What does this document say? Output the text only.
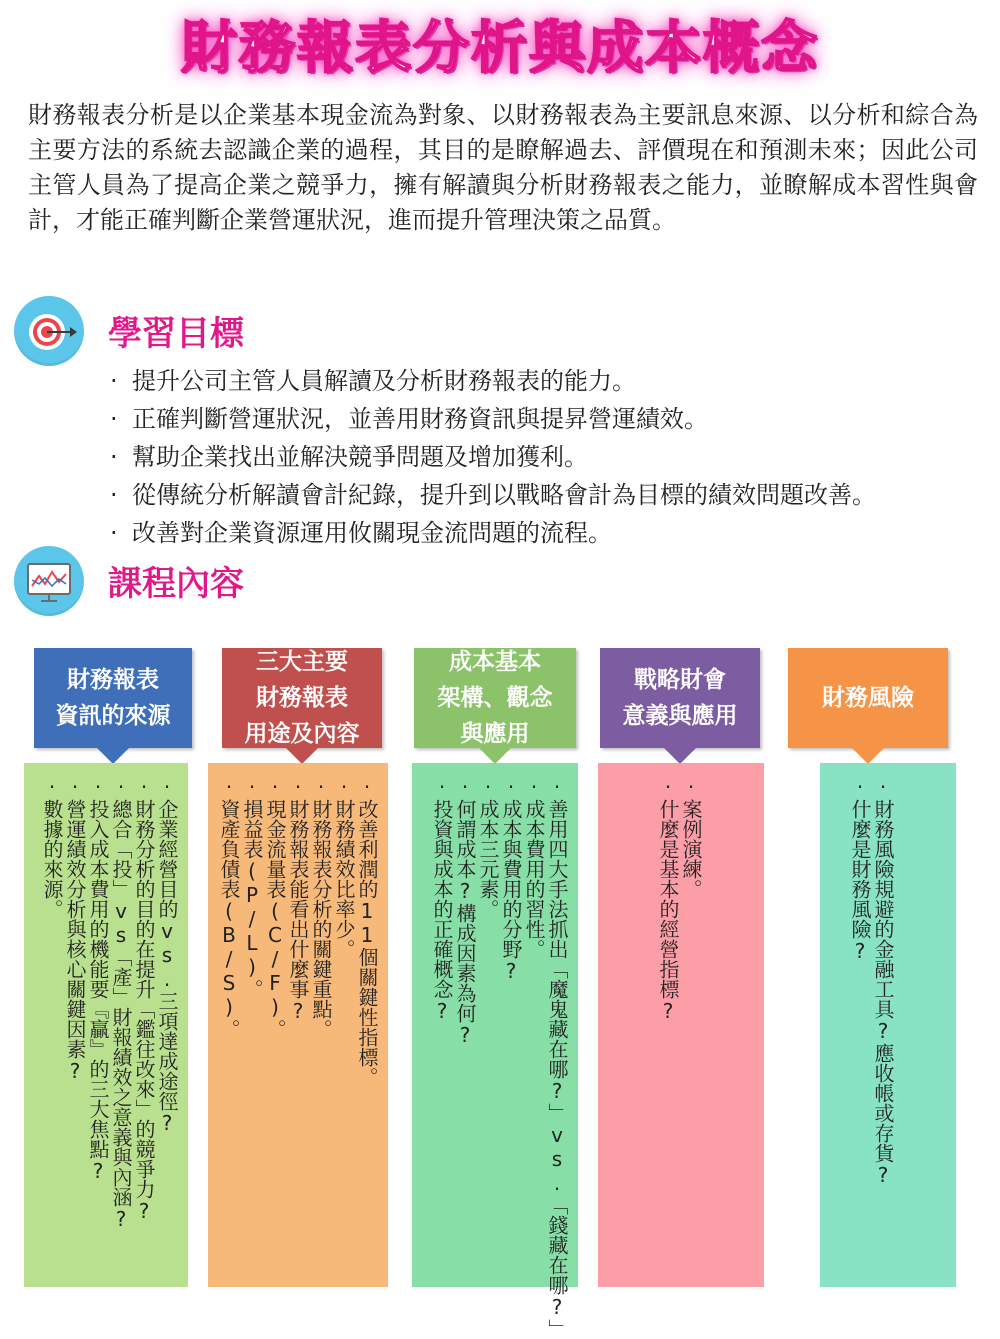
財務報表分析與成本概念
財務報表分析是以企業基本現金流為對象、以財務報表為主要訊息來源、以分析和綜合為主要方法的系統去認識企業的過程，其目的是瞭解過去、評價現在和預測未來；因此公司主管人員為了提高企業之競爭力，擁有解讀與分析財務報表之能力，並瞭解成本習性與會計，才能正確判斷企業營運狀況，進而提升管理決策之品質。
學習目標
· 提升公司主管人員解讀及分析財務報表的能力。
· 正確判斷營運狀況，並善用財務資訊與提昇營運績效。
· 幫助企業找出並解決競爭問題及增加獲利。
· 從傳統分析解讀會計紀錄，提升到以戰略會計為目標的績效問題改善。
· 改善對企業資源運用攸關現金流問題的流程。
課程內容
財務報表
資訊的來源
·企業經營目的vs.三項達成途徑?
·財務分析的目的在提升「鑑往改來」的競爭力?
·總合「投」vs「產」財報績效之意義與內涵?
·投入成本費用的機能要『贏』的三大焦點?
·營運績效分析與核心關鍵因素?
·數據的來源。
三大主要
財務報表
用途及內容
·改善利潤的11個關鍵性指標。
·財務績效比率少。
·財務報表分析的關鍵重點。
·財務報表能看出什麼事?
·現金流量表(C/F)。
·損益表(P/L)。
·資產負債表(B/S)。
成本基本
架構、觀念
與應用
·善用四大手法抓出「魔鬼藏在哪?」vs.「錢藏在哪?」
·成本費用的習性。
·成本與費用的分野?
·成本三元素。
·何謂成本?構成因素為何?
·投資與成本的正確概念?
戰略財會
意義與應用
·案例演練。
·什麼是基本的經營指標?
財務風險
·財務風險規避的金融工具?應收帳或存貨?
·什麼是財務風險?
